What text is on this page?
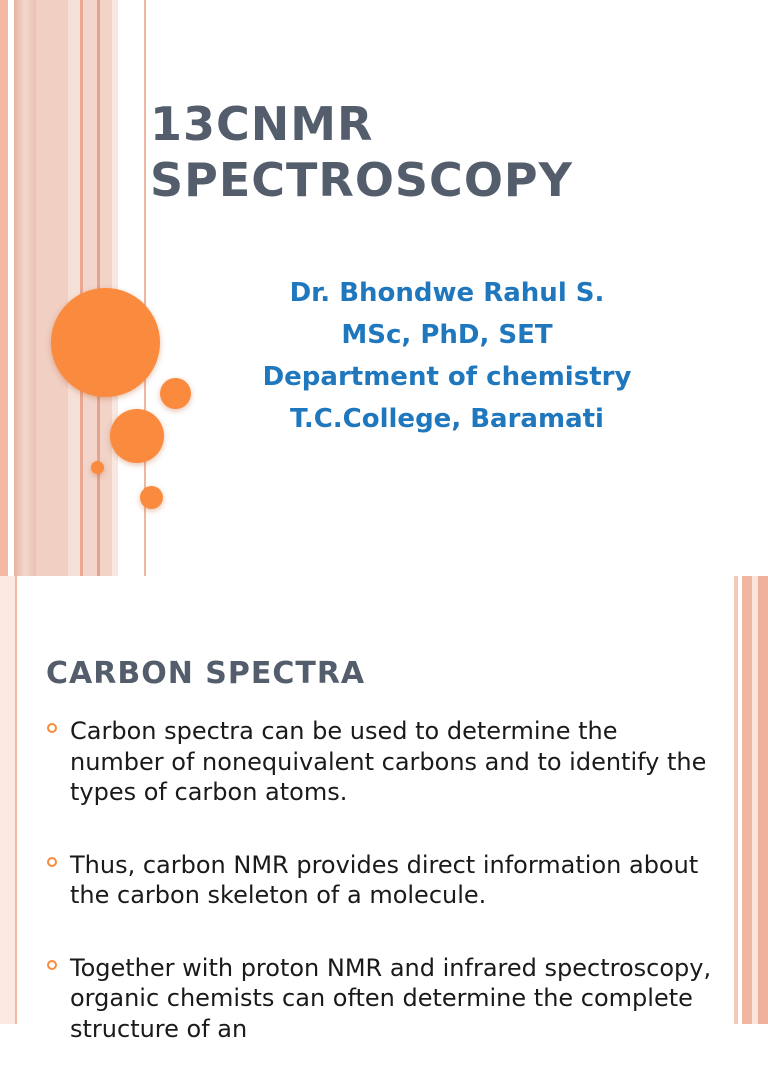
13CNMR
SPECTROSCOPY
Dr. Bhondwe Rahul S.
MSc, PhD, SET
Department of chemistry
T.C.College, Baramati
CARBON SPECTRA
Carbon spectra can be used to determine the number of nonequivalent carbons and to identify the types of carbon atoms.
Thus, carbon NMR provides direct information about the carbon skeleton of a molecule.
Together with proton NMR and infrared spectroscopy, organic chemists can often determine the complete structure of an
